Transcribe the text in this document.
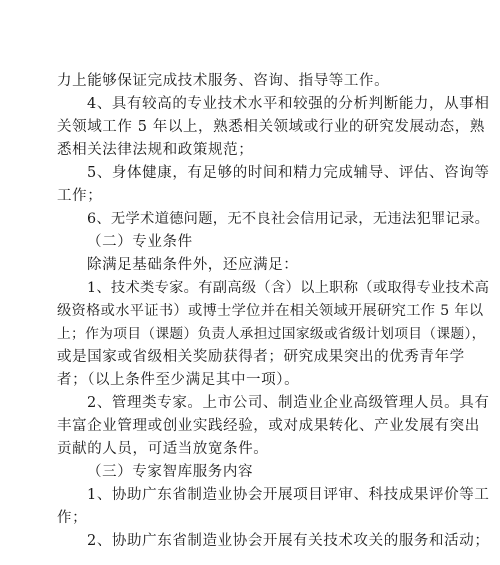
力上能够保证完成技术服务、咨询、指导等工作。
4、具有较高的专业技术水平和较强的分析判断能力，从事相
关领域工作 5 年以上，熟悉相关领域或行业的研究发展动态，熟
悉相关法律法规和政策规范；
5、身体健康，有足够的时间和精力完成辅导、评估、咨询等
工作；
6、无学术道德问题，无不良社会信用记录，无违法犯罪记录。
（二）专业条件
除满足基础条件外，还应满足：
1、技术类专家。有副高级（含）以上职称（或取得专业技术高
级资格或水平证书）或博士学位并在相关领域开展研究工作 5 年以
上；作为项目（课题）负责人承担过国家级或省级计划项目（课题），
或是国家或省级相关奖励获得者；研究成果突出的优秀青年学
者；（以上条件至少满足其中一项）。
2、管理类专家。上市公司、制造业企业高级管理人员。具有
丰富企业管理或创业实践经验，或对成果转化、产业发展有突出
贡献的人员，可适当放宽条件。
（三）专家智库服务内容
1、协助广东省制造业协会开展项目评审、科技成果评价等工
作；
2、协助广东省制造业协会开展有关技术攻关的服务和活动；
